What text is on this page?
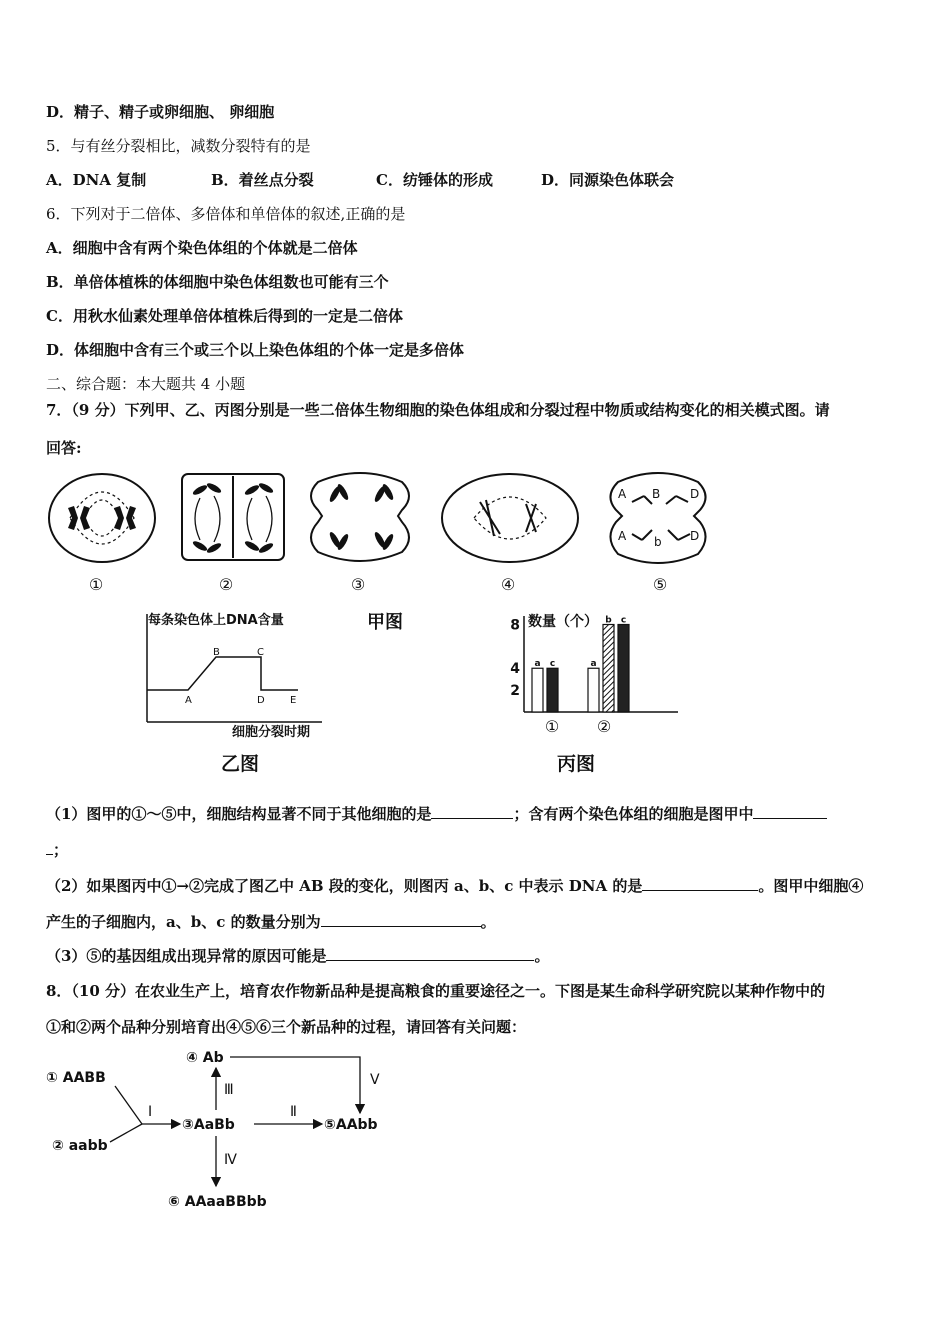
D．精子、精子或卵细胞、 卵细胞
5．与有丝分裂相比，减数分裂特有的是
A．DNA 复制	B．着丝点分裂	C．纺锤体的形成	D．同源染色体联会
6．下列对于二倍体、多倍体和单倍体的叙述,正确的是
A．细胞中含有两个染色体组的个体就是二倍体
B．单倍体植株的体细胞中染色体组数也可能有三个
C．用秋水仙素处理单倍体植株后得到的一定是二倍体
D．体细胞中含有三个或三个以上染色体组的个体一定是多倍体
二、综合题：本大题共 4 小题
7．（9 分）下列甲、乙、丙图分别是一些二倍体生物细胞的染色体组成和分裂过程中物质或结构变化的相关模式图。请
回答:
A B D
A b D
①	②	③	④	⑤
甲图
每条染色体上DNA含量
细胞分裂时期
A
B	C
D	E
乙图
数量（个）
2
4
8
a c	a
b c
① ②
丙图
（1）图甲的①～⑤中，细胞结构显著不同于其他细胞的是	；含有两个染色体组的细胞是图甲中
；
（2）如果图丙中①→②完成了图乙中 AB 段的变化，则图丙 a、b、c 中表示 DNA 的是	。图甲中细胞④
产生的子细胞内，a、b、c 的数量分别为	。
（3）⑤的基因组成出现异常的原因可能是	。
8．（10 分）在农业生产上，培育农作物新品种是提高粮食的重要途径之一。下图是某生命科学研究院以某种作物中的
①和②两个品种分别培育出④⑤⑥三个新品种的过程，请回答有关问题：
① AABB
② aabb
③AaBb
④ Ab
⑤AAbb
⑥ AAaaBBbb
Ⅰ	Ⅱ
Ⅲ
Ⅳ
Ⅴ
